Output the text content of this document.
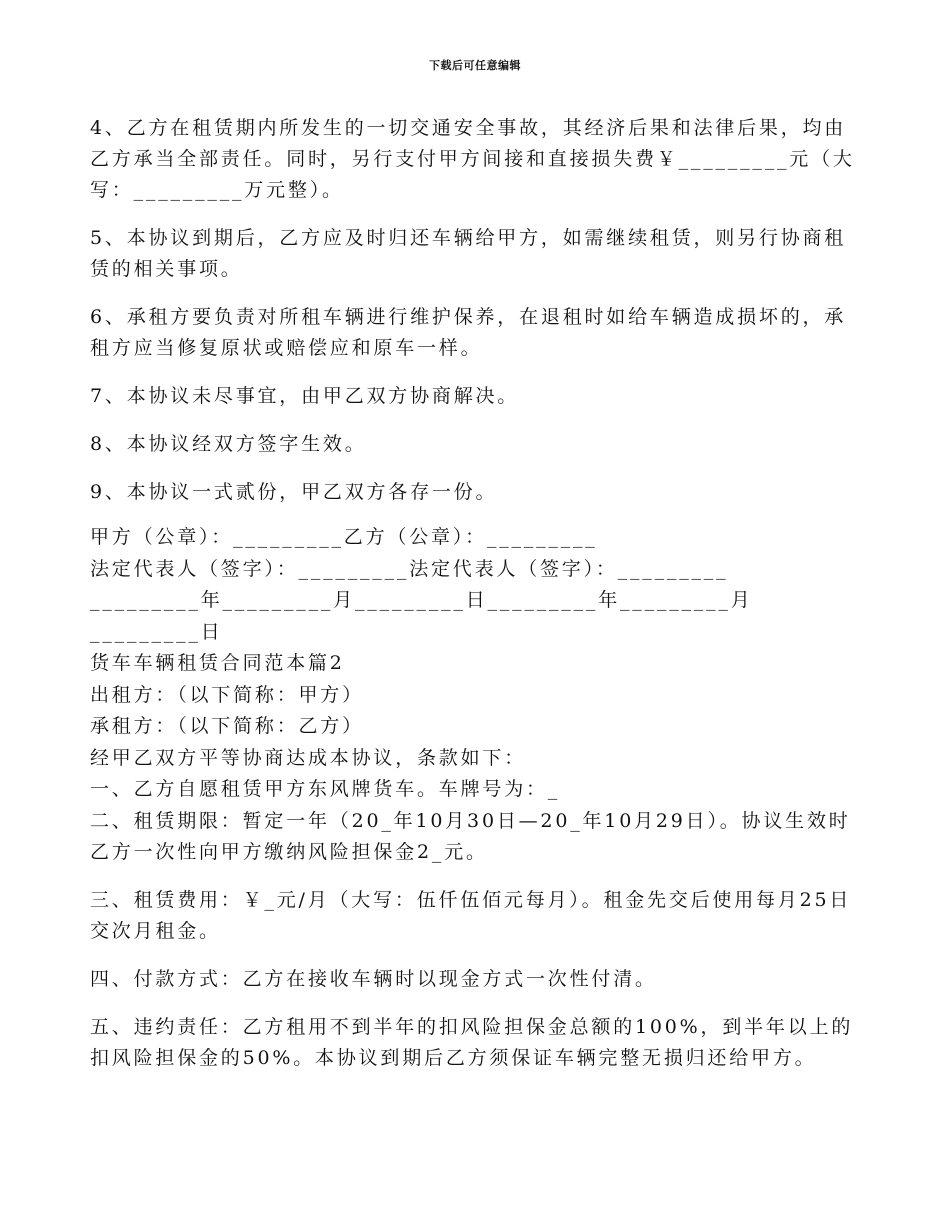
下载后可任意编辑

4、乙方在租赁期内所发生的一切交通安全事故，其经济后果和法律后果，均由乙方承当全部责任。同时，另行支付甲方间接和直接损失费￥_________元（大写：_________万元整）。

5、本协议到期后，乙方应及时归还车辆给甲方，如需继续租赁，则另行协商租赁的相关事项。

6、承租方要负责对所租车辆进行维护保养，在退租时如给车辆造成损坏的，承租方应当修复原状或赔偿应和原车一样。

7、本协议未尽事宜，由甲乙双方协商解决。

8、本协议经双方签字生效。

9、本协议一式贰份，甲乙双方各存一份。

甲方（公章）：_________乙方（公章）：_________

法定代表人（签字）：_________法定代表人（签字）：_________

_________年_________月_________日_________年_________月_________日

货车车辆租赁合同范本篇2

出租方：（以下简称：甲方）

承租方：（以下简称：乙方）

经甲乙双方平等协商达成本协议，条款如下：

一、乙方自愿租赁甲方东风牌货车。车牌号为：_

二、租赁期限：暂定一年（20_年10月30日—20_年10月29日）。协议生效时乙方一次性向甲方缴纳风险担保金2_元。

三、租赁费用：￥_元/月（大写：伍仟伍佰元每月）。租金先交后使用每月25日交次月租金。

四、付款方式：乙方在接收车辆时以现金方式一次性付清。

五、违约责任：乙方租用不到半年的扣风险担保金总额的100%，到半年以上的扣风险担保金的50%。本协议到期后乙方须保证车辆完整无损归还给甲方。
